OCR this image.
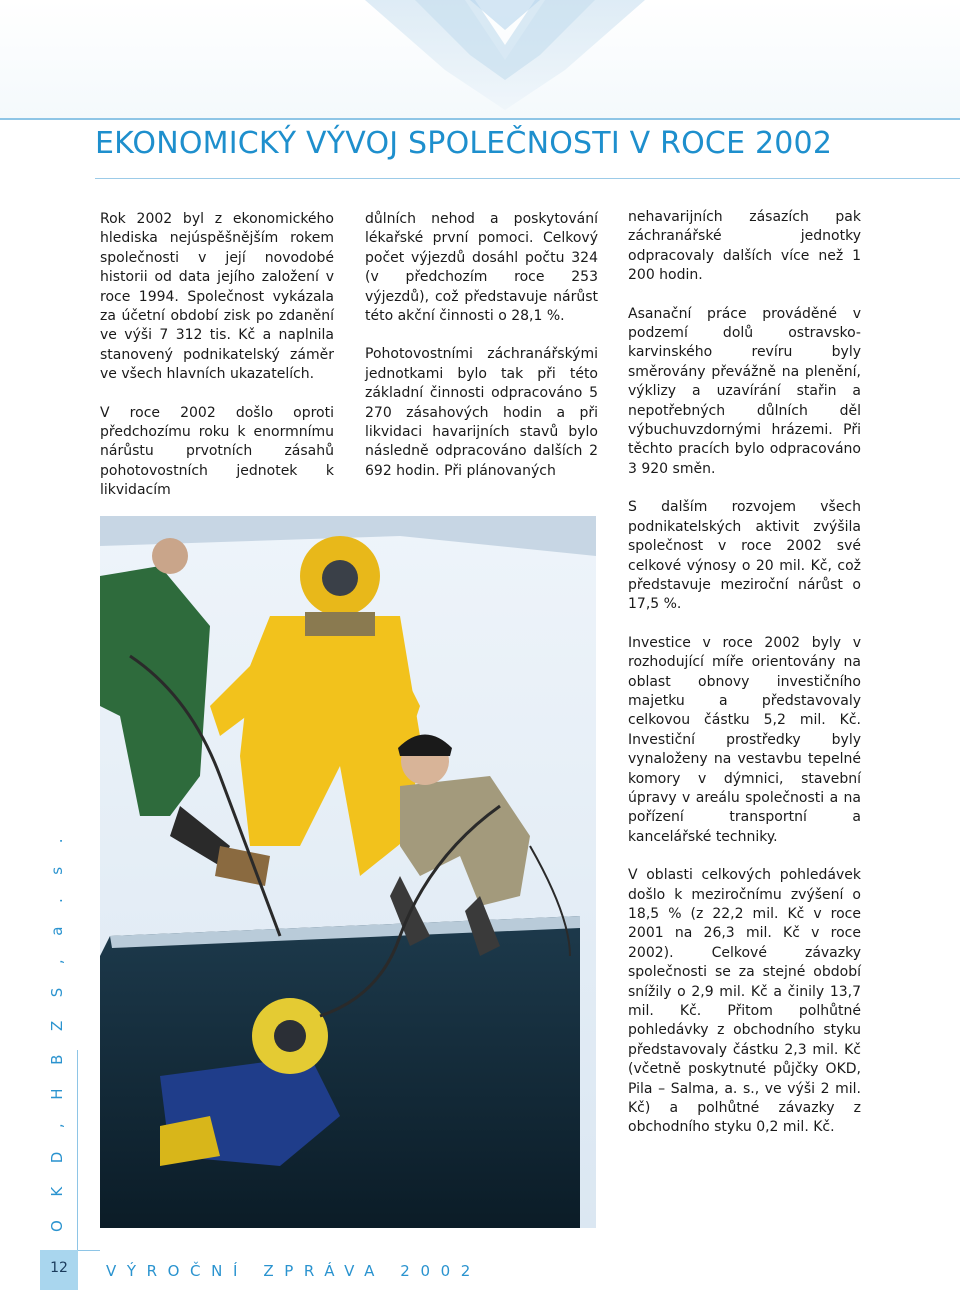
EKONOMICKÝ VÝVOJ SPOLEČNOSTI V ROCE 2002

Rok 2002 byl z ekonomického hlediska nejúspěšnějším rokem společnosti v její novodobé historii od data jejího založení v roce 1994. Společnost vykázala za účetní období zisk po zdanění ve výši 7 312 tis. Kč a naplnila stanovený podnikatelský záměr ve všech hlavních ukazatelích.

V roce 2002 došlo oproti předchozímu roku k enormnímu nárůstu prvotních zásahů pohotovostních jednotek k likvidacím

důlních nehod a poskytování lékařské první pomoci. Celkový počet výjezdů dosáhl počtu 324 (v předchozím roce 253 výjezdů), což představuje nárůst této akční činnosti o 28,1 %.

Pohotovostními záchranářskými jednotkami bylo tak při této základní činnosti odpracováno 5 270 zásahových hodin a při likvidaci havarijních stavů bylo následně odpracováno dalších 2 692 hodin. Při plánovaných

nehavarijních zásazích pak záchranářské jednotky odpracovaly dalších více než 1 200 hodin.

Asanační práce prováděné v podzemí dolů ostravsko-karvinského revíru byly směrovány převážně na plenění, výklizy a uzavírání stařin a nepotřebných důlních děl výbuchuvzdornými hrázemi. Při těchto pracích bylo odpracováno 3 920 směn.

S dalším rozvojem všech podnikatelských aktivit zvýšila společnost v roce 2002 své celkové výnosy o 20 mil. Kč, což představuje meziroční nárůst o 17,5 %.

Investice v roce 2002 byly v rozhodující míře orientovány na oblast obnovy investičního majetku a představovaly celkovou částku 5,2 mil. Kč. Investiční prostředky byly vynaloženy na vestavbu tepelné komory v dýmnici, stavební úpravy v areálu společnosti a na pořízení transportní a kancelářské techniky.

V oblasti celkových pohledávek došlo k meziročnímu zvýšení o 18,5 % (z 22,2 mil. Kč v roce 2001 na 26,3 mil. Kč v roce 2002). Celkové závazky společnosti se za stejné období snížily o 2,9 mil. Kč a činily 13,7 mil. Kč. Přitom polhůtné pohledávky z obchodního styku představovaly částku 2,3 mil. Kč (včetně poskytnuté půjčky OKD, Pila – Salma, a. s., ve výši 2 mil. Kč) a polhůtné závazky z obchodního styku 0,2 mil. Kč.

O K D , H B Z S , a . s .
12	VÝROČNÍ ZPRÁVA 2002
